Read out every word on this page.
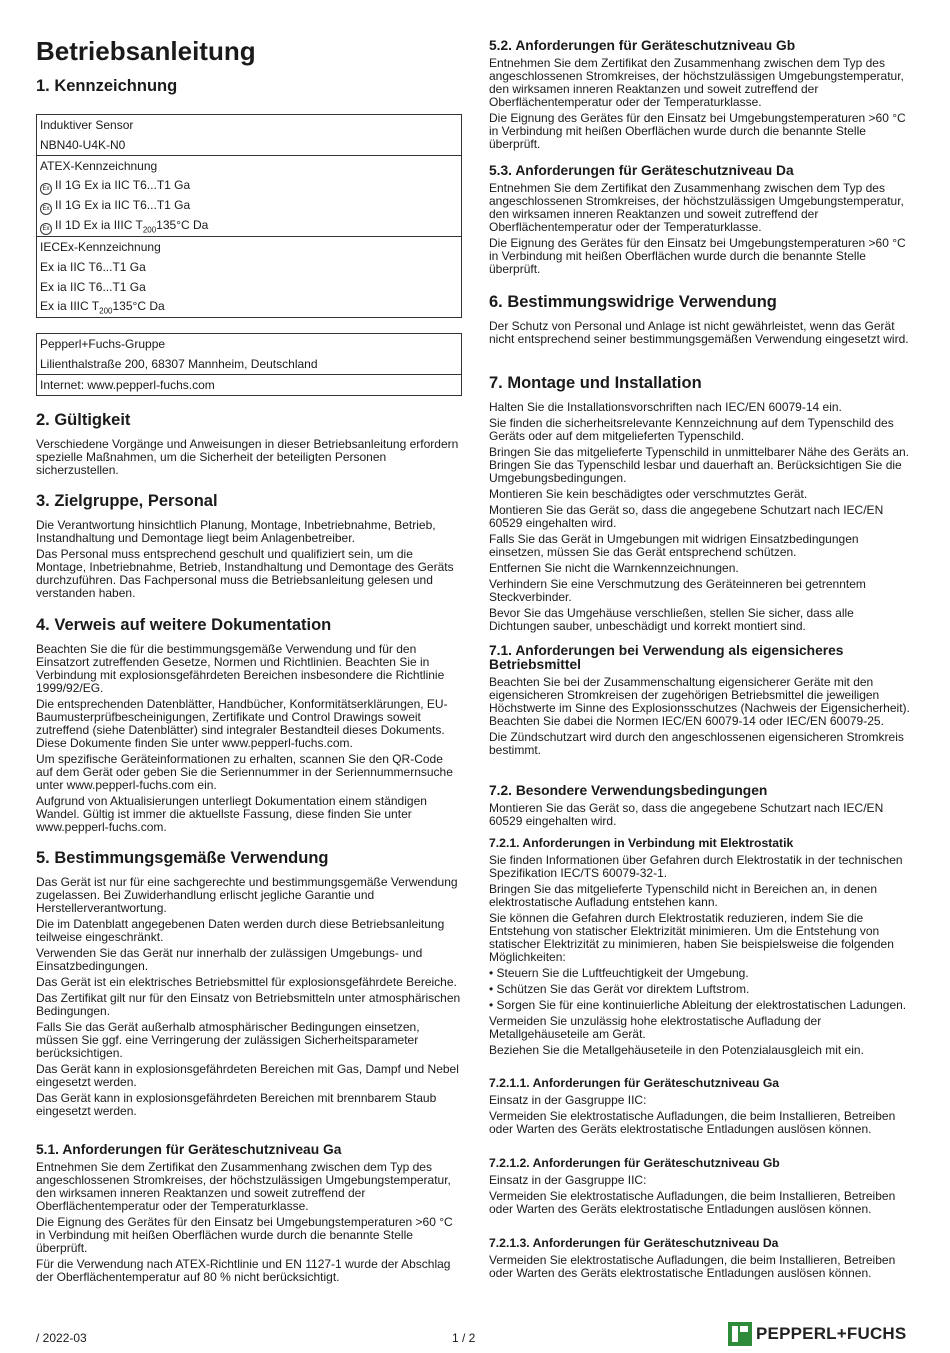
Betriebsanleitung
1. Kennzeichnung
Induktiver Sensor
NBN40-U4K-N0
ATEX-Kennzeichnung
Ex II 1G Ex ia IIC T6...T1 Ga
Ex II 1G Ex ia IIC T6...T1 Ga
Ex II 1D Ex ia IIIC $T_{200}135^\circ C$ Da
IECEx-Kennzeichnung
Ex ia IIC T6...T1 Ga
Ex ia IIC T6...T1 Ga
Ex ia IIIC $T_{200}135^\circ C$ Da
Pepperl+Fuchs-Gruppe
Lilienthalstraße 200, 68307 Mannheim, Deutschland
Internet: www.pepperl-fuchs.com
2. Gültigkeit

Verschiedene Vorgänge und Anweisungen in dieser Betriebsanleitung erfordern spezielle Maßnahmen, um die Sicherheit der beteiligten Personen sicherzustellen.

3. Zielgruppe, Personal

Die Verantwortung hinsichtlich Planung, Montage, Inbetriebnahme, Betrieb, Instandhaltung und Demontage liegt beim Anlagenbetreiber.

Das Personal muss entsprechend geschult und qualifiziert sein, um die Montage, Inbetriebnahme, Betrieb, Instandhaltung und Demontage des Geräts durchzuführen. Das Fachpersonal muss die Betriebsanleitung gelesen und verstanden haben.

4. Verweis auf weitere Dokumentation

Beachten Sie die für die bestimmungsgemäße Verwendung und für den Einsatzort zutreffenden Gesetze, Normen und Richtlinien. Beachten Sie in Verbindung mit explosionsgefährdeten Bereichen insbesondere die Richtlinie 1999/92/EG.

Die entsprechenden Datenblätter, Handbücher, Konformitätserklärungen, EU-Baumusterprüfbescheinigungen, Zertifikate und Control Drawings soweit zutreffend (siehe Datenblätter) sind integraler Bestandteil dieses Dokuments. Diese Dokumente finden Sie unter www.pepperl-fuchs.com.

Um spezifische Geräteinformationen zu erhalten, scannen Sie den QR-Code auf dem Gerät oder geben Sie die Seriennummer in der Seriennummernsuche unter www.pepperl-fuchs.com ein.

Aufgrund von Aktualisierungen unterliegt Dokumentation einem ständigen Wandel. Gültig ist immer die aktuellste Fassung, diese finden Sie unter www.pepperl-fuchs.com.

5. Bestimmungsgemäße Verwendung

Das Gerät ist nur für eine sachgerechte und bestimmungsgemäße Verwendung zugelassen. Bei Zuwiderhandlung erlischt jegliche Garantie und Herstellerverantwortung.

Die im Datenblatt angegebenen Daten werden durch diese Betriebsanleitung teilweise eingeschränkt.

Verwenden Sie das Gerät nur innerhalb der zulässigen Umgebungs- und Einsatzbedingungen.

Das Gerät ist ein elektrisches Betriebsmittel für explosionsgefährdete Bereiche.

Das Zertifikat gilt nur für den Einsatz von Betriebsmitteln unter atmosphärischen Bedingungen.

Falls Sie das Gerät außerhalb atmosphärischer Bedingungen einsetzen, müssen Sie ggf. eine Verringerung der zulässigen Sicherheitsparameter berücksichtigen.

Das Gerät kann in explosionsgefährdeten Bereichen mit Gas, Dampf und Nebel eingesetzt werden.

Das Gerät kann in explosionsgefährdeten Bereichen mit brennbarem Staub eingesetzt werden.

5.1. Anforderungen für Geräteschutzniveau Ga

Entnehmen Sie dem Zertifikat den Zusammenhang zwischen dem Typ des angeschlossenen Stromkreises, der höchstzulässigen Umgebungstemperatur, den wirksamen inneren Reaktanzen und soweit zutreffend der Oberflächentemperatur oder der Temperaturklasse.

Die Eignung des Gerätes für den Einsatz bei Umgebungstemperaturen >60 °C in Verbindung mit heißen Oberflächen wurde durch die benannte Stelle überprüft.

Für die Verwendung nach ATEX-Richtlinie und EN 1127-1 wurde der Abschlag der Oberflächentemperatur auf 80 % nicht berücksichtigt.

5.2. Anforderungen für Geräteschutzniveau Gb

Entnehmen Sie dem Zertifikat den Zusammenhang zwischen dem Typ des angeschlossenen Stromkreises, der höchstzulässigen Umgebungstemperatur, den wirksamen inneren Reaktanzen und soweit zutreffend der Oberflächentemperatur oder der Temperaturklasse.

Die Eignung des Gerätes für den Einsatz bei Umgebungstemperaturen >60 °C in Verbindung mit heißen Oberflächen wurde durch die benannte Stelle überprüft.

5.3. Anforderungen für Geräteschutzniveau Da

Entnehmen Sie dem Zertifikat den Zusammenhang zwischen dem Typ des angeschlossenen Stromkreises, der höchstzulässigen Umgebungstemperatur, den wirksamen inneren Reaktanzen und soweit zutreffend der Oberflächentemperatur oder der Temperaturklasse.

Die Eignung des Gerätes für den Einsatz bei Umgebungstemperaturen >60 °C in Verbindung mit heißen Oberflächen wurde durch die benannte Stelle überprüft.

6. Bestimmungswidrige Verwendung

Der Schutz von Personal und Anlage ist nicht gewährleistet, wenn das Gerät nicht entsprechend seiner bestimmungsgemäßen Verwendung eingesetzt wird.

7. Montage und Installation

Halten Sie die Installationsvorschriften nach IEC/EN 60079-14 ein.

Sie finden die sicherheitsrelevante Kennzeichnung auf dem Typenschild des Geräts oder auf dem mitgelieferten Typenschild.

Bringen Sie das mitgelieferte Typenschild in unmittelbarer Nähe des Geräts an. Bringen Sie das Typenschild lesbar und dauerhaft an. Berücksichtigen Sie die Umgebungsbedingungen.

Montieren Sie kein beschädigtes oder verschmutztes Gerät.

Montieren Sie das Gerät so, dass die angegebene Schutzart nach IEC/EN 60529 eingehalten wird.

Falls Sie das Gerät in Umgebungen mit widrigen Einsatzbedingungen einsetzen, müssen Sie das Gerät entsprechend schützen.

Entfernen Sie nicht die Warnkennzeichnungen.

Verhindern Sie eine Verschmutzung des Geräteinneren bei getrenntem Steckverbinder.

Bevor Sie das Umgehäuse verschließen, stellen Sie sicher, dass alle Dichtungen sauber, unbeschädigt und korrekt montiert sind.

7.1. Anforderungen bei Verwendung als eigensicheres Betriebsmittel

Beachten Sie bei der Zusammenschaltung eigensicherer Geräte mit den eigensicheren Stromkreisen der zugehörigen Betriebsmittel die jeweiligen Höchstwerte im Sinne des Explosionsschutzes (Nachweis der Eigensicherheit). Beachten Sie dabei die Normen IEC/EN 60079-14 oder IEC/EN 60079-25.

Die Zündschutzart wird durch den angeschlossenen eigensicheren Stromkreis bestimmt.

7.2. Besondere Verwendungsbedingungen

Montieren Sie das Gerät so, dass die angegebene Schutzart nach IEC/EN 60529 eingehalten wird.

7.2.1. Anforderungen in Verbindung mit Elektrostatik

Sie finden Informationen über Gefahren durch Elektrostatik in der technischen Spezifikation IEC/TS 60079-32-1.

Bringen Sie das mitgelieferte Typenschild nicht in Bereichen an, in denen elektrostatische Aufladung entstehen kann.

Sie können die Gefahren durch Elektrostatik reduzieren, indem Sie die Entstehung von statischer Elektrizität minimieren. Um die Entstehung von statischer Elektrizität zu minimieren, haben Sie beispielsweise die folgenden Möglichkeiten:

• Steuern Sie die Luftfeuchtigkeit der Umgebung.

• Schützen Sie das Gerät vor direktem Luftstrom.

• Sorgen Sie für eine kontinuierliche Ableitung der elektrostatischen Ladungen.

Vermeiden Sie unzulässig hohe elektrostatische Aufladung der Metallgehäuseteile am Gerät.

Beziehen Sie die Metallgehäuseteile in den Potenzialausgleich mit ein.

7.2.1.1. Anforderungen für Geräteschutzniveau Ga

Einsatz in der Gasgruppe IIC:

Vermeiden Sie elektrostatische Aufladungen, die beim Installieren, Betreiben oder Warten des Geräts elektrostatische Entladungen auslösen können.

7.2.1.2. Anforderungen für Geräteschutzniveau Gb

Einsatz in der Gasgruppe IIC:

Vermeiden Sie elektrostatische Aufladungen, die beim Installieren, Betreiben oder Warten des Geräts elektrostatische Entladungen auslösen können.

7.2.1.3. Anforderungen für Geräteschutzniveau Da

Vermeiden Sie elektrostatische Aufladungen, die beim Installieren, Betreiben oder Warten des Geräts elektrostatische Entladungen auslösen können.

/ 2022-03	1 / 2	PEPPERL+FUCHS
